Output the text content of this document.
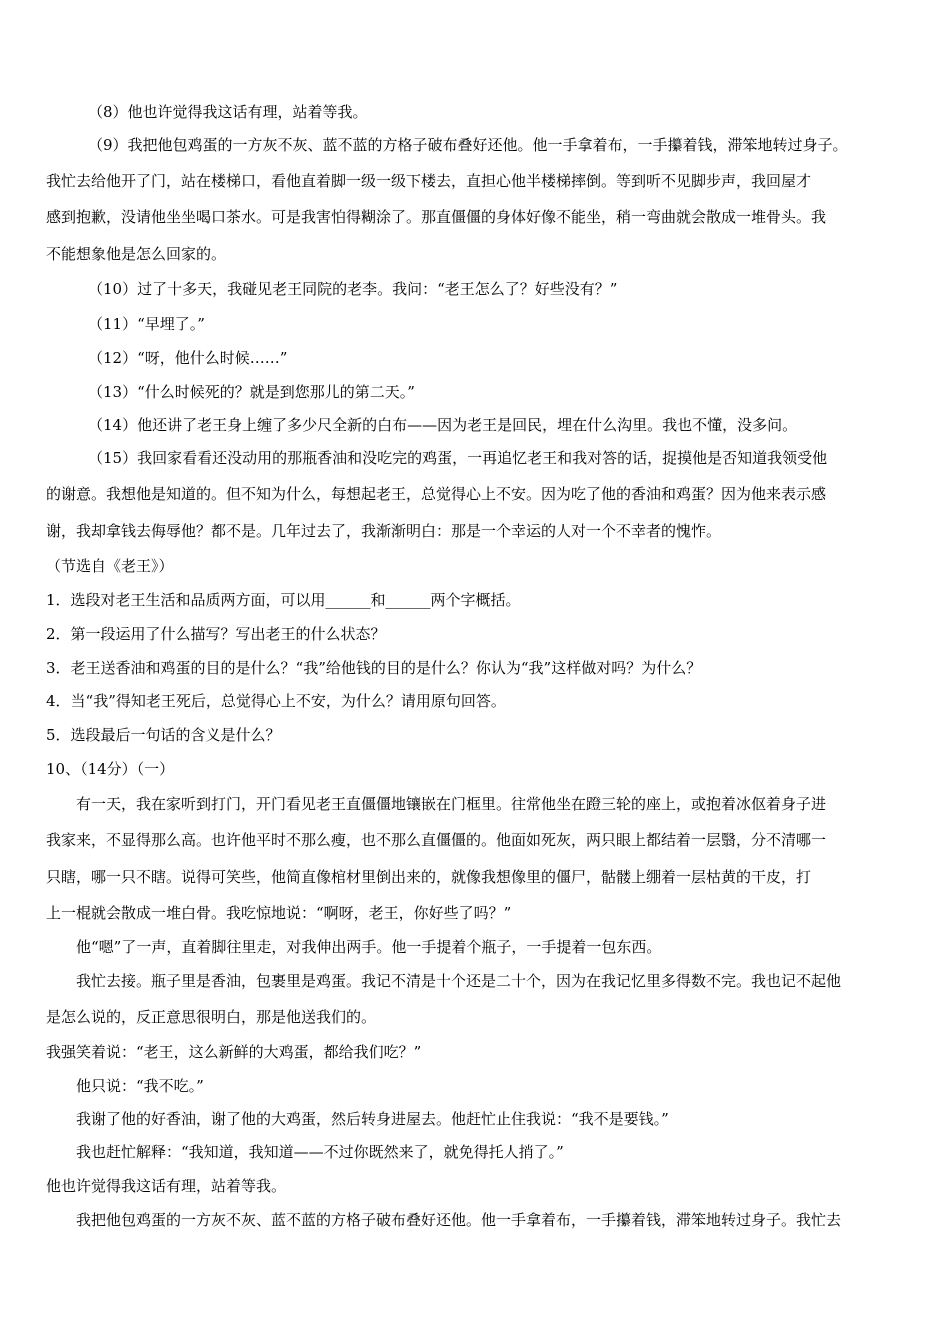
（8）他也许觉得我这话有理，站着等我。
（9）我把他包鸡蛋的一方灰不灰、蓝不蓝的方格子破布叠好还他。他一手拿着布，一手攥着钱，滞笨地转过身子。
我忙去给他开了门，站在楼梯口，看他直着脚一级一级下楼去，直担心他半楼梯摔倒。等到听不见脚步声，我回屋才
感到抱歉，没请他坐坐喝口茶水。可是我害怕得糊涂了。那直僵僵的身体好像不能坐，稍一弯曲就会散成一堆骨头。我
不能想象他是怎么回家的。
（10）过了十多天，我碰见老王同院的老李。我问：“老王怎么了？好些没有？”
（11）“早埋了。”
（12）“呀，他什么时候……”
（13）“什么时候死的？就是到您那儿的第二天。”
（14）他还讲了老王身上缠了多少尺全新的白布——因为老王是回民，埋在什么沟里。我也不懂，没多问。
（15）我回家看看还没动用的那瓶香油和没吃完的鸡蛋，一再追忆老王和我对答的话，捉摸他是否知道我领受他
的谢意。我想他是知道的。但不知为什么，每想起老王，总觉得心上不安。因为吃了他的香油和鸡蛋？因为他来表示感
谢，我却拿钱去侮辱他？都不是。几年过去了，我渐渐明白：那是一个幸运的人对一个不幸者的愧怍。
（节选自《老王》）
1．选段对老王生活和品质两方面，可以用______和______两个字概括。
2．第一段运用了什么描写？写出老王的什么状态？
3．老王送香油和鸡蛋的目的是什么？“我”给他钱的目的是什么？你认为“我”这样做对吗？为什么？
4．当“我”得知老王死后，总觉得心上不安，为什么？请用原句回答。
5．选段最后一句话的含义是什么？
10、（14分）（一）
有一天，我在家听到打门，开门看见老王直僵僵地镶嵌在门框里。往常他坐在蹬三轮的座上，或抱着冰伛着身子进
我家来，不显得那么高。也许他平时不那么瘦，也不那么直僵僵的。他面如死灰，两只眼上都结着一层翳，分不清哪一
只瞎，哪一只不瞎。说得可笑些，他简直像棺材里倒出来的，就像我想像里的僵尸，骷髅上绷着一层枯黄的干皮，打
上一棍就会散成一堆白骨。我吃惊地说：“啊呀，老王，你好些了吗？”
他“嗯”了一声，直着脚往里走，对我伸出两手。他一手提着个瓶子，一手提着一包东西。
我忙去接。瓶子里是香油，包裹里是鸡蛋。我记不清是十个还是二十个，因为在我记忆里多得数不完。我也记不起他
是怎么说的，反正意思很明白，那是他送我们的。
我强笑着说：“老王，这么新鲜的大鸡蛋，都给我们吃？”
他只说：“我不吃。”
我谢了他的好香油，谢了他的大鸡蛋，然后转身进屋去。他赶忙止住我说：“我不是要钱。”
我也赶忙解释：“我知道，我知道——不过你既然来了，就免得托人捎了。”
他也许觉得我这话有理，站着等我。
我把他包鸡蛋的一方灰不灰、蓝不蓝的方格子破布叠好还他。他一手拿着布，一手攥着钱，滞笨地转过身子。我忙去
